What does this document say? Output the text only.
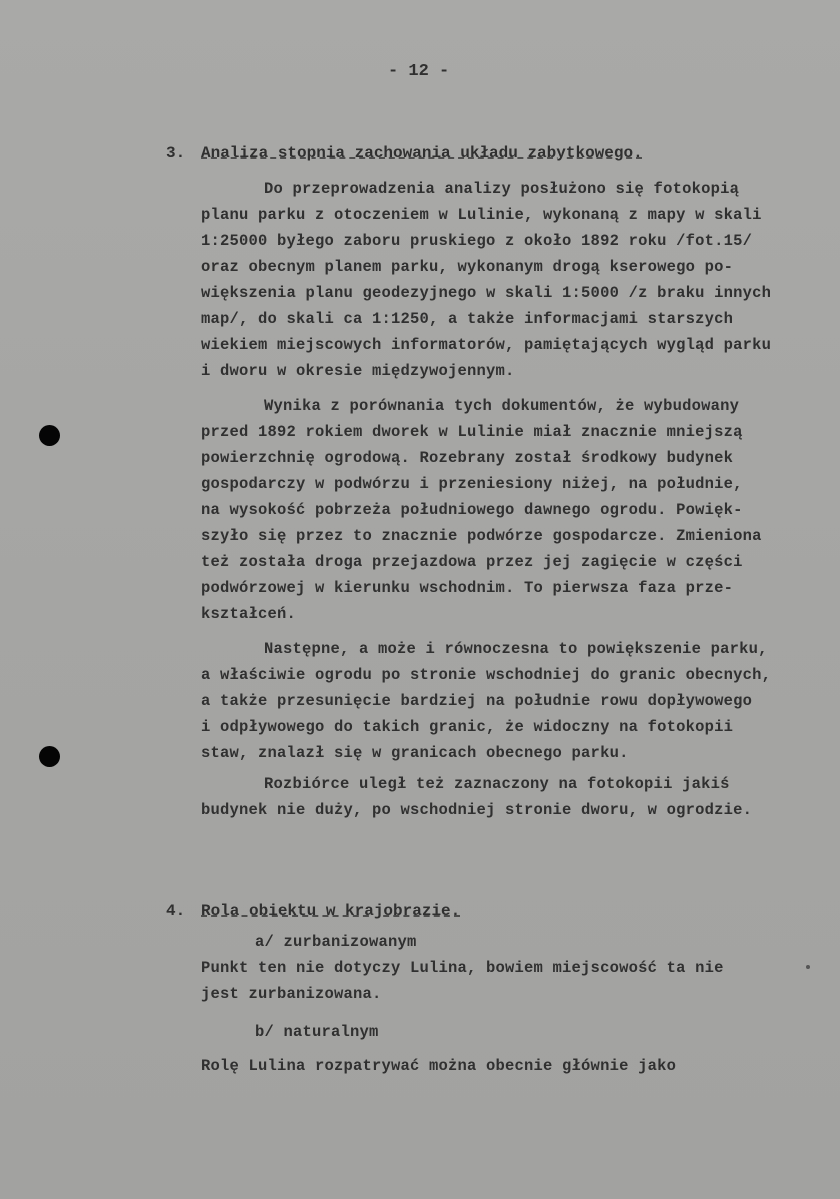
- 12 -
3. Analiza stopnia zachowania układu zabytkowego.
Do przeprowadzenia analizy posłużono się fotokopią
planu parku z otoczeniem w Lulinie, wykonaną z mapy w skali
1:25000 byłego zaboru pruskiego z około 1892 roku /fot.15/
oraz obecnym planem parku, wykonanym drogą kserowego po-
większenia planu geodezyjnego w skali 1:5000 /z braku innych
map/, do skali ca 1:1250, a także informacjami starszych
wiekiem miejscowych informatorów, pamiętających wygląd parku
i dworu w okresie międzywojennym.
Wynika z porównania tych dokumentów, że wybudowany
przed 1892 rokiem dworek w Lulinie miał znacznie mniejszą
powierzchnię ogrodową. Rozebrany został środkowy budynek
gospodarczy w podwórzu i przeniesiony niżej, na południe,
na wysokość pobrzeża południowego dawnego ogrodu. Powięk-
szyło się przez to znacznie podwórze gospodarcze. Zmieniona
też została droga przejazdowa przez jej zagięcie w części
podwórzowej w kierunku wschodnim. To pierwsza faza prze-
kształceń.
Następne, a może i równoczesna to powiększenie parku,
a właściwie ogrodu po stronie wschodniej do granic obecnych,
a także przesunięcie bardziej na południe rowu dopływowego
i odpływowego do takich granic, że widoczny na fotokopii
staw, znalazł się w granicach obecnego parku.
Rozbiórce uległ też zaznaczony na fotokopii jakiś
budynek nie duży, po wschodniej stronie dworu, w ogrodzie.
4. Rola obiektu w krajobrazie.
a/ zurbanizowanym
Punkt ten nie dotyczy Lulina, bowiem miejscowość ta nie
jest zurbanizowana.
b/ naturalnym
Rolę Lulina rozpatrywać można obecnie głównie jako
